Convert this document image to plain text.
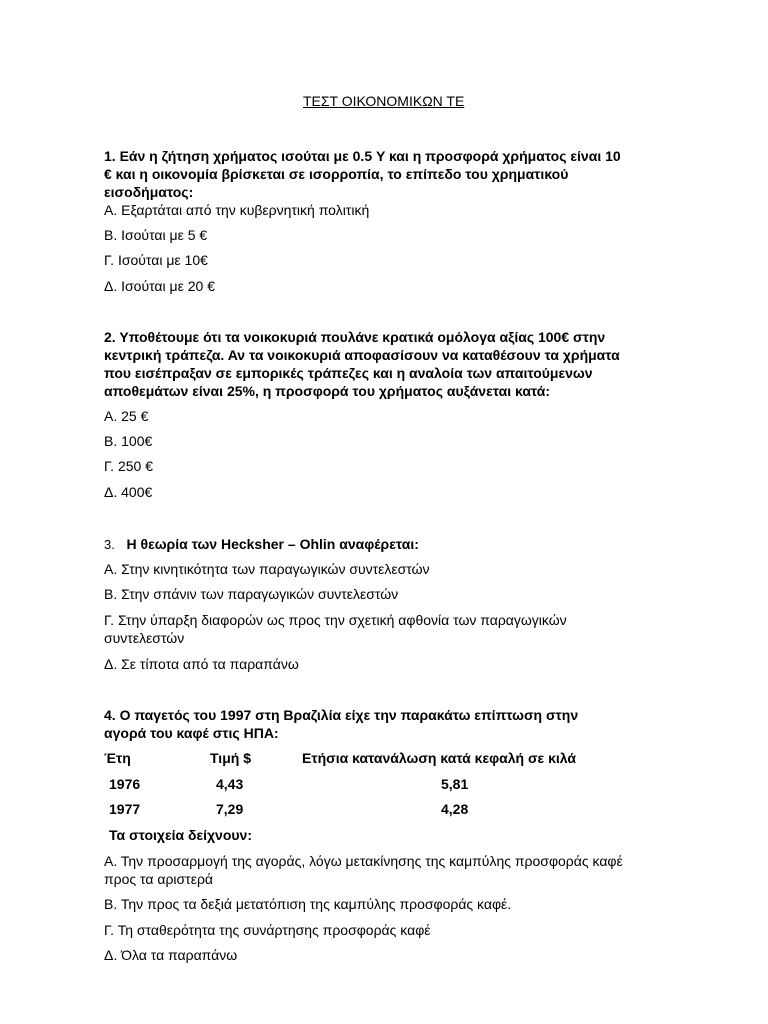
ΤΕΣΤ ΟΙΚΟΝΟΜΙΚΩΝ ΤΕ
1. Εάν η ζήτηση χρήματος ισούται με 0.5 Y και η προσφορά χρήματος είναι 10
€ και η οικονομία βρίσκεται σε ισορροπία, το επίπεδο του χρηματικού
εισοδήματος:
Α. Εξαρτάται από την κυβερνητική πολιτική
Β. Ισούται με 5 €
Γ. Ισούται με 10€
Δ. Ισούται με 20 €
2. Υποθέτουμε ότι τα νοικοκυριά πουλάνε κρατικά ομόλογα αξίας 100€ στην
κεντρική τράπεζα. Αν τα νοικοκυριά αποφασίσουν να καταθέσουν τα χρήματα
που εισέπραξαν σε εμπορικές τράπεζες και η αναλοία των απαιτούμενων
αποθεμάτων είναι 25%, η προσφορά του χρήματος αυξάνεται κατά:
Α. 25 €
Β. 100€
Γ. 250 €
Δ. 400€
3. Η θεωρία των Hecksher – Ohlin αναφέρεται:
Α. Στην κινητικότητα των παραγωγικών συντελεστών
Β. Στην σπάνιν των παραγωγικών συντελεστών
Γ. Στην ύπαρξη διαφορών ως προς την σχετική αφθονία των παραγωγικών
συντελεστών
Δ. Σε τίποτα από τα παραπάνω
4. Ο παγετός του 1997 στη Βραζιλία είχε την παρακάτω επίπτωση στην
αγορά του καφέ στις ΗΠΑ:
Έτη	Τιμή $	Ετήσια κατανάλωση κατά κεφαλή σε κιλά
1976	4,43	5,81
1977	7,29	4,28
Τα στοιχεία δείχνουν:
Α. Την προσαρμογή της αγοράς, λόγω μετακίνησης της καμπύλης προσφοράς καφέ
προς τα αριστερά
Β. Την προς τα δεξιά μετατόπιση της καμπύλης προσφοράς καφέ.
Γ. Τη σταθερότητα της συνάρτησης προσφοράς καφέ
Δ. Όλα τα παραπάνω
